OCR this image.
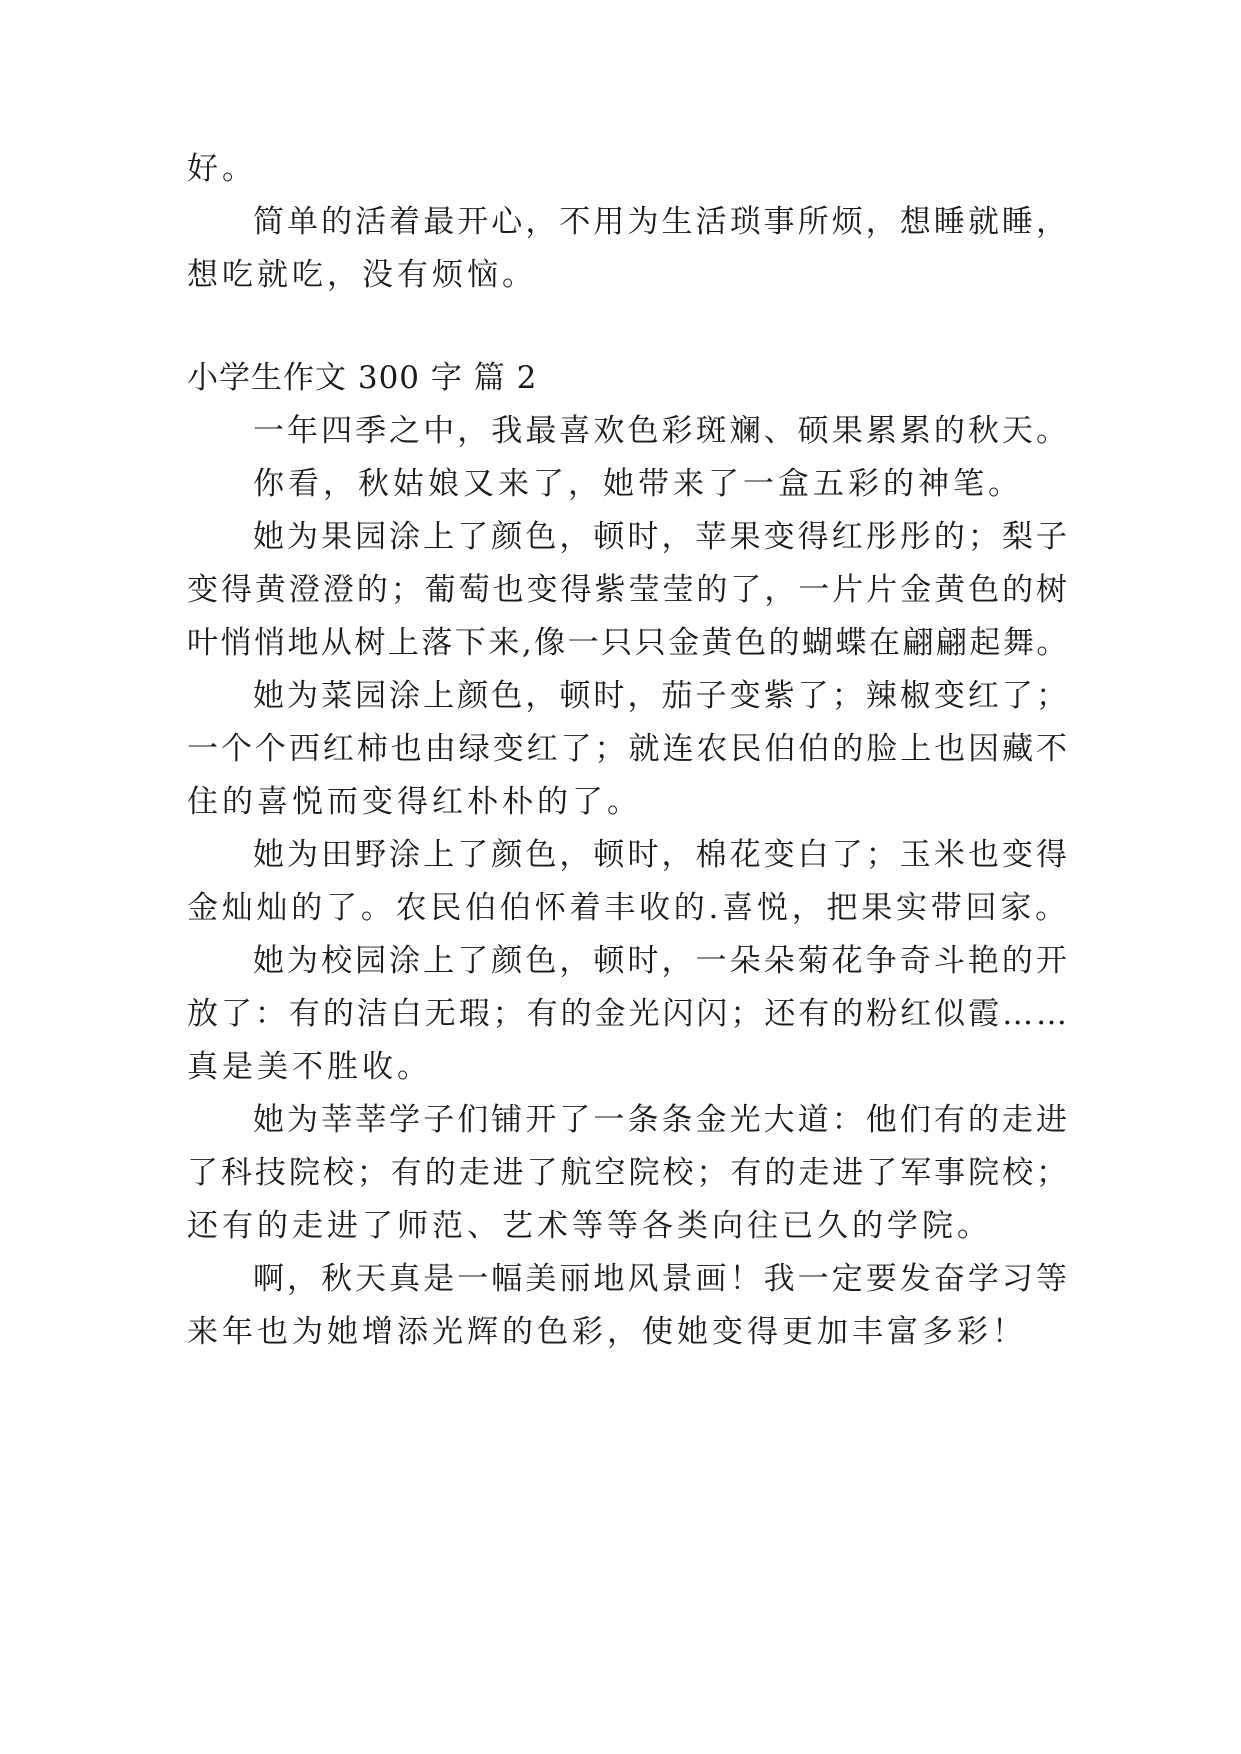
好。
简单的活着最开心，不用为生活琐事所烦，想睡就睡，
想吃就吃，没有烦恼。
小学生作文 300 字 篇 2
一年四季之中，我最喜欢色彩斑斓、硕果累累的秋天。
你看，秋姑娘又来了，她带来了一盒五彩的神笔。
她为果园涂上了颜色，顿时，苹果变得红彤彤的；梨子
变得黄澄澄的；葡萄也变得紫莹莹的了，一片片金黄色的树
叶悄悄地从树上落下来,像一只只金黄色的蝴蝶在翩翩起舞。
她为菜园涂上颜色，顿时，茄子变紫了；辣椒变红了；
一个个西红柿也由绿变红了；就连农民伯伯的脸上也因藏不
住的喜悦而变得红朴朴的了。
她为田野涂上了颜色，顿时，棉花变白了；玉米也变得
金灿灿的了。农民伯伯怀着丰收的.喜悦，把果实带回家。
她为校园涂上了颜色，顿时，一朵朵菊花争奇斗艳的开
放了：有的洁白无瑕；有的金光闪闪；还有的粉红似霞……
真是美不胜收。
她为莘莘学子们铺开了一条条金光大道：他们有的走进
了科技院校；有的走进了航空院校；有的走进了军事院校；
还有的走进了师范、艺术等等各类向往已久的学院。
啊，秋天真是一幅美丽地风景画！我一定要发奋学习等
来年也为她增添光辉的色彩，使她变得更加丰富多彩！
